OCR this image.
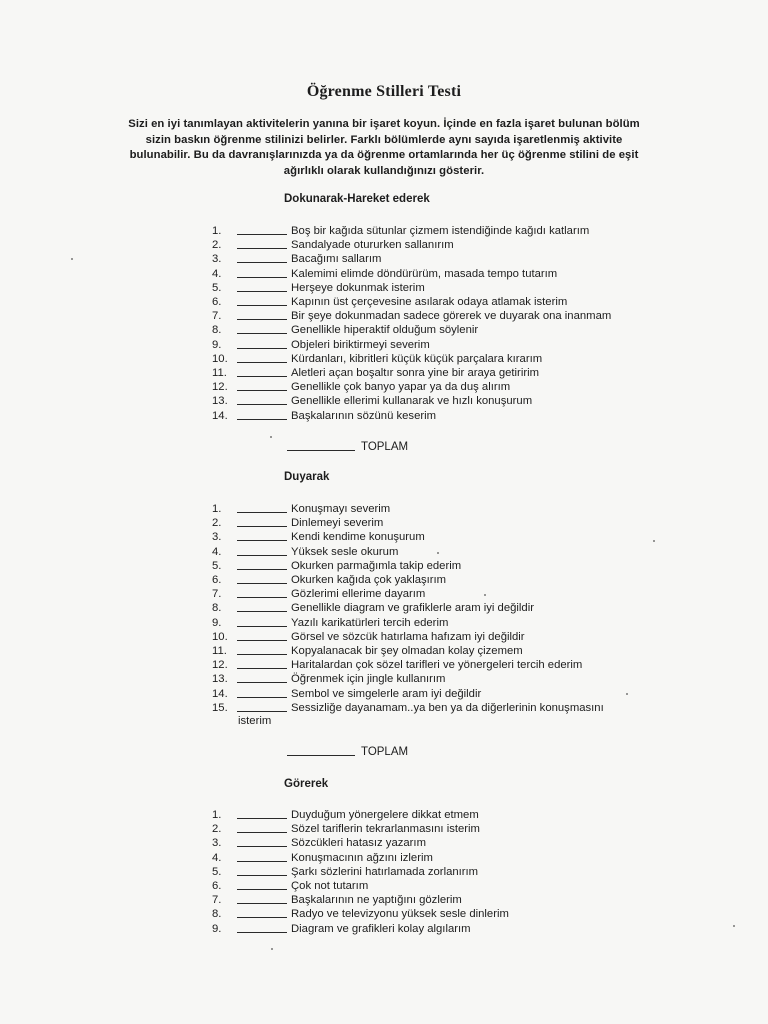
Öğrenme Stilleri Testi
Sizi en iyi tanımlayan aktivitelerin yanına bir işaret koyun. İçinde en fazla işaret bulunan bölüm
sizin baskın öğrenme stilinizi belirler. Farklı bölümlerde aynı sayıda işaretlenmiş aktivite
bulunabilir. Bu da davranışlarınızda ya da öğrenme ortamlarında her üç öğrenme stilini de eşit
ağırlıklı olarak kullandığınızı gösterir.
Dokunarak-Hareket ederek
1.	Boş bir kağıda sütunlar çizmem istendiğinde kağıdı katlarım
2.	Sandalyade otururken sallanırım
3.	Bacağımı sallarım
4.	Kalemimi elimde döndürürüm, masada tempo tutarım
5.	Herşeye dokunmak isterim
6.	Kapının üst çerçevesine asılarak odaya atlamak isterim
7.	Bir şeye dokunmadan sadece görerek ve duyarak ona inanmam
8.	Genellikle hiperaktif olduğum söylenir
9.	Objeleri biriktirmeyi severim
10.	Kürdanları, kibritleri küçük küçük parçalara kırarım
11.	Aletleri açan boşaltır sonra yine bir araya getiririm
12.	Genellikle çok banyo yapar ya da duş alırım
13.	Genellikle ellerimi kullanarak ve hızlı konuşurum
14.	Başkalarının sözünü keserim
TOPLAM
Duyarak
1.	Konuşmayı severim
2.	Dinlemeyi severim
3.	Kendi kendime konuşurum
4.	Yüksek sesle okurum
5.	Okurken parmağımla takip ederim
6.	Okurken kağıda çok yaklaşırım
7.	Gözlerimi ellerime dayarım
8.	Genellikle diagram ve grafiklerle aram iyi değildir
9.	Yazılı karikatürleri tercih ederim
10.	Görsel ve sözcük hatırlama hafızam iyi değildir
11.	Kopyalanacak bir şey olmadan kolay çizemem
12.	Haritalardan çok sözel tarifleri ve yönergeleri tercih ederim
13.	Öğrenmek için jingle kullanırım
14.	Sembol ve simgelerle aram iyi değildir
15.	Sessizliğe dayanamam..ya ben ya da diğerlerinin konuşmasını
isterim
TOPLAM
Görerek
1.	Duyduğum yönergelere dikkat etmem
2.	Sözel tariflerin tekrarlanmasını isterim
3.	Sözcükleri hatasız yazarım
4.	Konuşmacının ağzını izlerim
5.	Şarkı sözlerini hatırlamada zorlanırım
6.	Çok not tutarım
7.	Başkalarının ne yaptığını gözlerim
8.	Radyo ve televizyonu yüksek sesle dinlerim
9.	Diagram ve grafikleri kolay algılarım
